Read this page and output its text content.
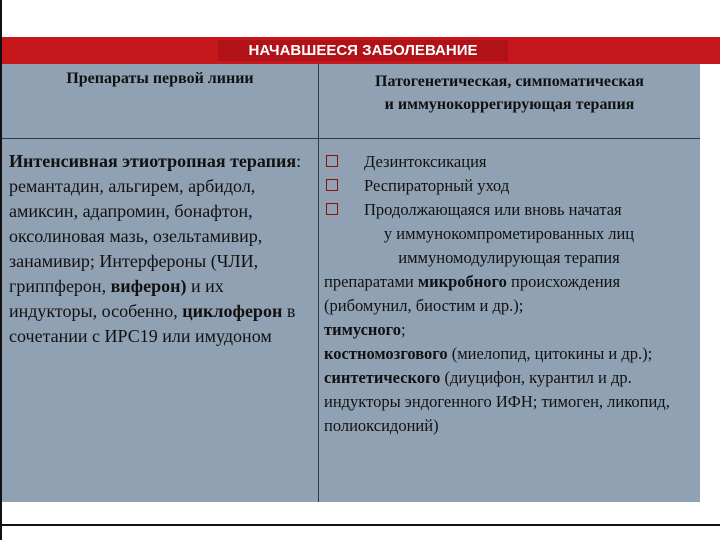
НАЧАВШЕЕСЯ ЗАБОЛЕВАНИЕ
Препараты первой линии	Патогенетическая, симпоматическая
и иммунокоррегирующая терапия
Интенсивная этиотропная терапия: ремантадин, альгирем, арбидол, амиксин, адапромин, бонафтон, оксолиновая мазь, озельтамивир, занамивир; Интерфероны (ЧЛИ, гриппферон, виферон) и их индукторы, особенно, циклоферон в сочетании с ИРС19 или имудоном
Дезинтоксикация
Респираторный уход
Продолжающаяся или вновь начатая
у иммунокомпрометированных лиц
иммуномодулирующая терапия
препаратами микробного происхождения (рибомунил, биостим и др.);
тимусного;
костномозгового (миелопид, цитокины и др.);
синтетического (диуцифон, курантил и др. индукторы эндогенного ИФН; тимоген, ликопид, полиоксидоний)
